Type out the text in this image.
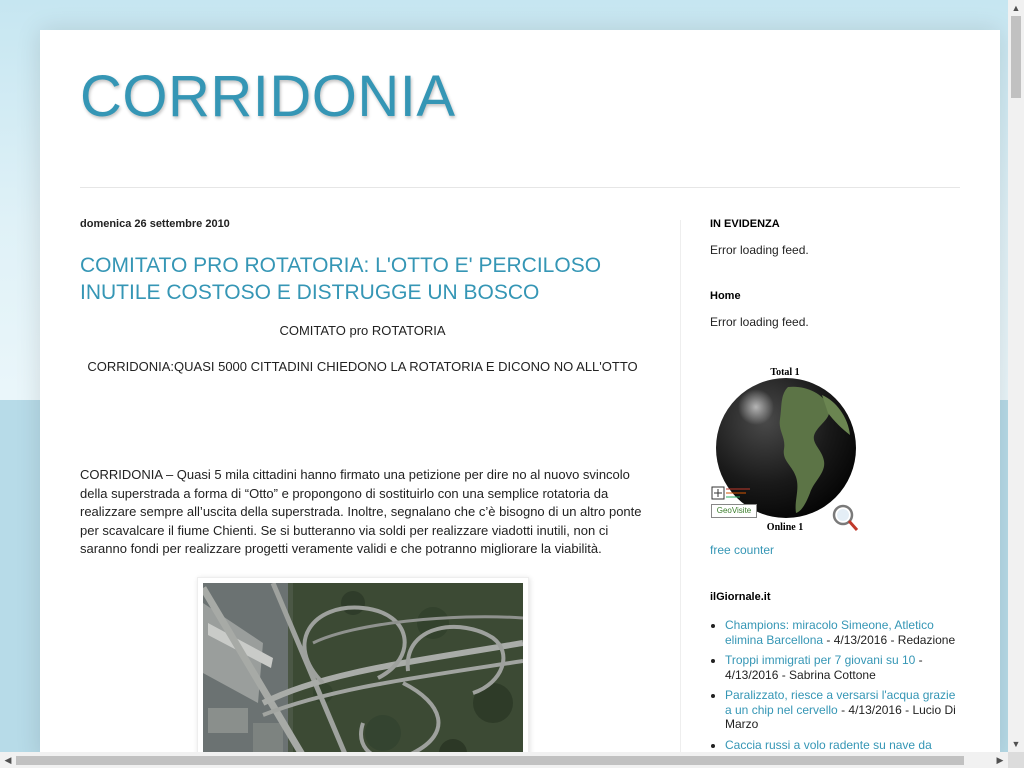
CORRIDONIA
domenica 26 settembre 2010
COMITATO PRO ROTATORIA: L'OTTO E' PERCILOSO INUTILE COSTOSO E DISTRUGGE UN BOSCO

COMITATO pro ROTATORIA

CORRIDONIA:QUASI 5000 CITTADINI CHIEDONO LA ROTATORIA E DICONO NO ALL'OTTO

CORRIDONIA – Quasi 5 mila cittadini hanno firmato una petizione per dire no al nuovo svincolo della superstrada a forma di “Otto” e propongono di sostituirlo con una semplice rotatoria da realizzare sempre all’uscita della superstrada. Inoltre, segnalano che c’è bisogno di un altro ponte per scavalcare il fiume Chienti. Se si butteranno via soldi per realizzare viadotti inutili, non ci saranno fondi per realizzare progetti veramente validi e che potranno migliorare la viabilità.

IN EVIDENZA

Error loading feed.

Home

Error loading feed.

Total 1
GeoVisite
Online 1
free counter
ilGiornale.it
• Champions: miracolo Simeone, Atletico elimina Barcellona - 4/13/2016 - Redazione
• Troppi immigrati per 7 giovani su 10 - 4/13/2016 - Sabrina Cottone
• Paralizzato, riesce a versarsi l'acqua grazie a un chip nel cervello - 4/13/2016 - Lucio Di Marzo
• Caccia russi a volo radente su nave da
▲
▼
◀	▶
